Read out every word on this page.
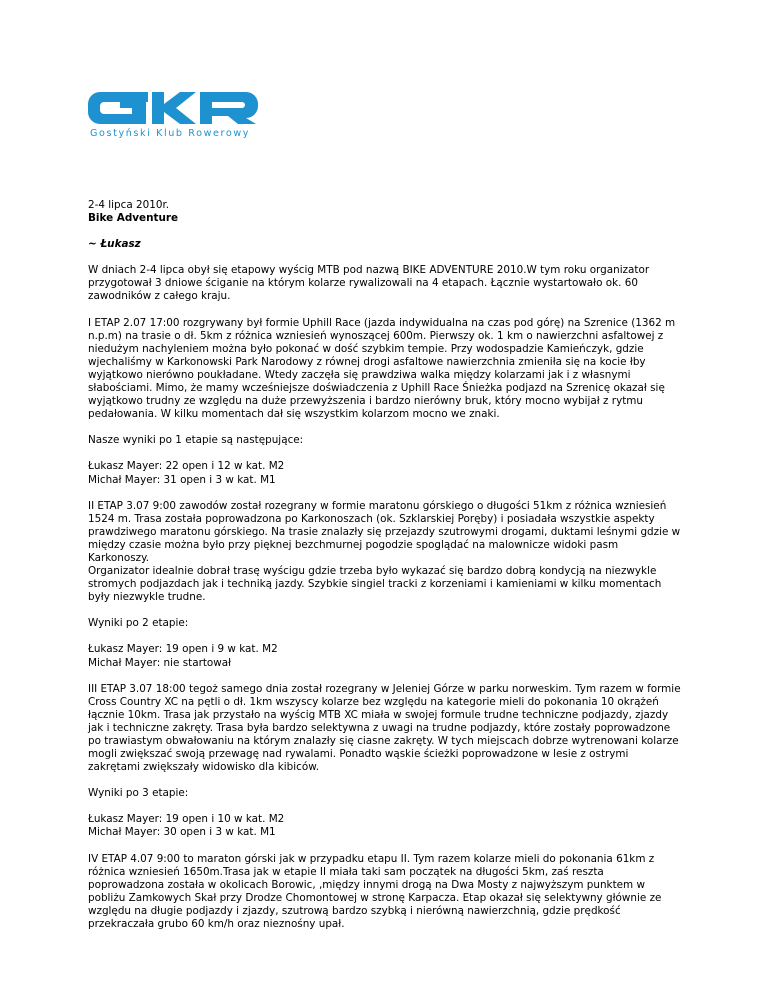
Gostyński Klub Rowerowy

2-4 lipca 2010r.

Bike Adventure

~ Łukasz

W dniach 2-4 lipca obył się etapowy wyścig MTB pod nazwą BIKE ADVENTURE 2010.W tym roku organizator przygotował 3 dniowe ściganie na którym kolarze rywalizowali na 4 etapach. Łącznie wystartowało ok. 60 zawodników z całego kraju.

I ETAP 2.07 17:00 rozgrywany był formie Uphill Race (jazda indywidualna na czas pod górę) na Szrenice (1362 m n.p.m) na trasie o dł. 5km z różnica wzniesień wynoszącej 600m. Pierwszy ok. 1 km o nawierzchni asfaltowej z niedużym nachyleniem można było pokonać w dość szybkim tempie. Przy wodospadzie Kamieńczyk, gdzie wjechaliśmy w Karkonowski Park Narodowy z równej drogi asfaltowe nawierzchnia zmieniła się na kocie łby wyjątkowo nierówno poukładane. Wtedy zaczęła się prawdziwa walka między kolarzami jak i z własnymi słabościami. Mimo, że mamy wcześniejsze doświadczenia z Uphill Race Śnieżka podjazd na Szrenicę okazał się wyjątkowo trudny ze względu na duże przewyższenia i bardzo nierówny bruk, który mocno wybijał z rytmu pedałowania. W kilku momentach dał się wszystkim kolarzom mocno we znaki.

Nasze wyniki po 1 etapie są następujące:

Łukasz Mayer: 22 open i 12 w kat. M2

Michał Mayer: 31 open i 3 w kat. M1

II ETAP 3.07 9:00 zawodów został rozegrany w formie maratonu górskiego o długości 51km z różnica wzniesień 1524 m. Trasa została poprowadzona po Karkonoszach (ok. Szklarskiej Poręby) i posiadała wszystkie aspekty prawdziwego maratonu górskiego. Na trasie znalazły się przejazdy szutrowymi drogami, duktami leśnymi gdzie w między czasie można było przy pięknej bezchmurnej pogodzie spoglądać na malownicze widoki pasm Karkonoszy.

Organizator idealnie dobrał trasę wyścigu gdzie trzeba było wykazać się bardzo dobrą kondycją na niezwykle stromych podjazdach jak i techniką jazdy. Szybkie singiel tracki z korzeniami i kamieniami w kilku momentach były niezwykle trudne.

Wyniki po 2 etapie:

Łukasz Mayer: 19 open i 9 w kat. M2

Michał Mayer: nie startował

III ETAP 3.07 18:00 tegoż samego dnia został rozegrany w Jeleniej Górze w parku norweskim. Tym razem w formie Cross Country XC na pętli o dł. 1km wszyscy kolarze bez względu na kategorie mieli do pokonania 10 okrążeń łącznie 10km. Trasa jak przystało na wyścig MTB XC miała w swojej formule trudne techniczne podjazdy, zjazdy jak i techniczne zakręty. Trasa była bardzo selektywna z uwagi na trudne podjazdy, które zostały poprowadzone po trawiastym obwałowaniu na którym znalazły się ciasne zakręty. W tych miejscach dobrze wytrenowani kolarze mogli zwiększać swoją przewagę nad rywalami. Ponadto wąskie ścieżki poprowadzone w lesie z ostrymi zakrętami zwiększały widowisko dla kibiców.

Wyniki po 3 etapie:

Łukasz Mayer: 19 open i 10 w kat. M2

Michał Mayer: 30 open i 3 w kat. M1

IV ETAP 4.07 9:00 to maraton górski jak w przypadku etapu II. Tym razem kolarze mieli do pokonania 61km z różnica wzniesień 1650m.Trasa jak w etapie II miała taki sam początek na długości 5km, zaś reszta poprowadzona została w okolicach Borowic, ,między innymi drogą na Dwa Mosty z najwyższym punktem w pobliżu Zamkowych Skał przy Drodze Chomontowej w stronę Karpacza. Etap okazał się selektywny głównie ze względu na długie podjazdy i zjazdy, szutrową bardzo szybką i nierówną nawierzchnią, gdzie prędkość przekraczała grubo 60 km/h oraz nieznośny upał.
